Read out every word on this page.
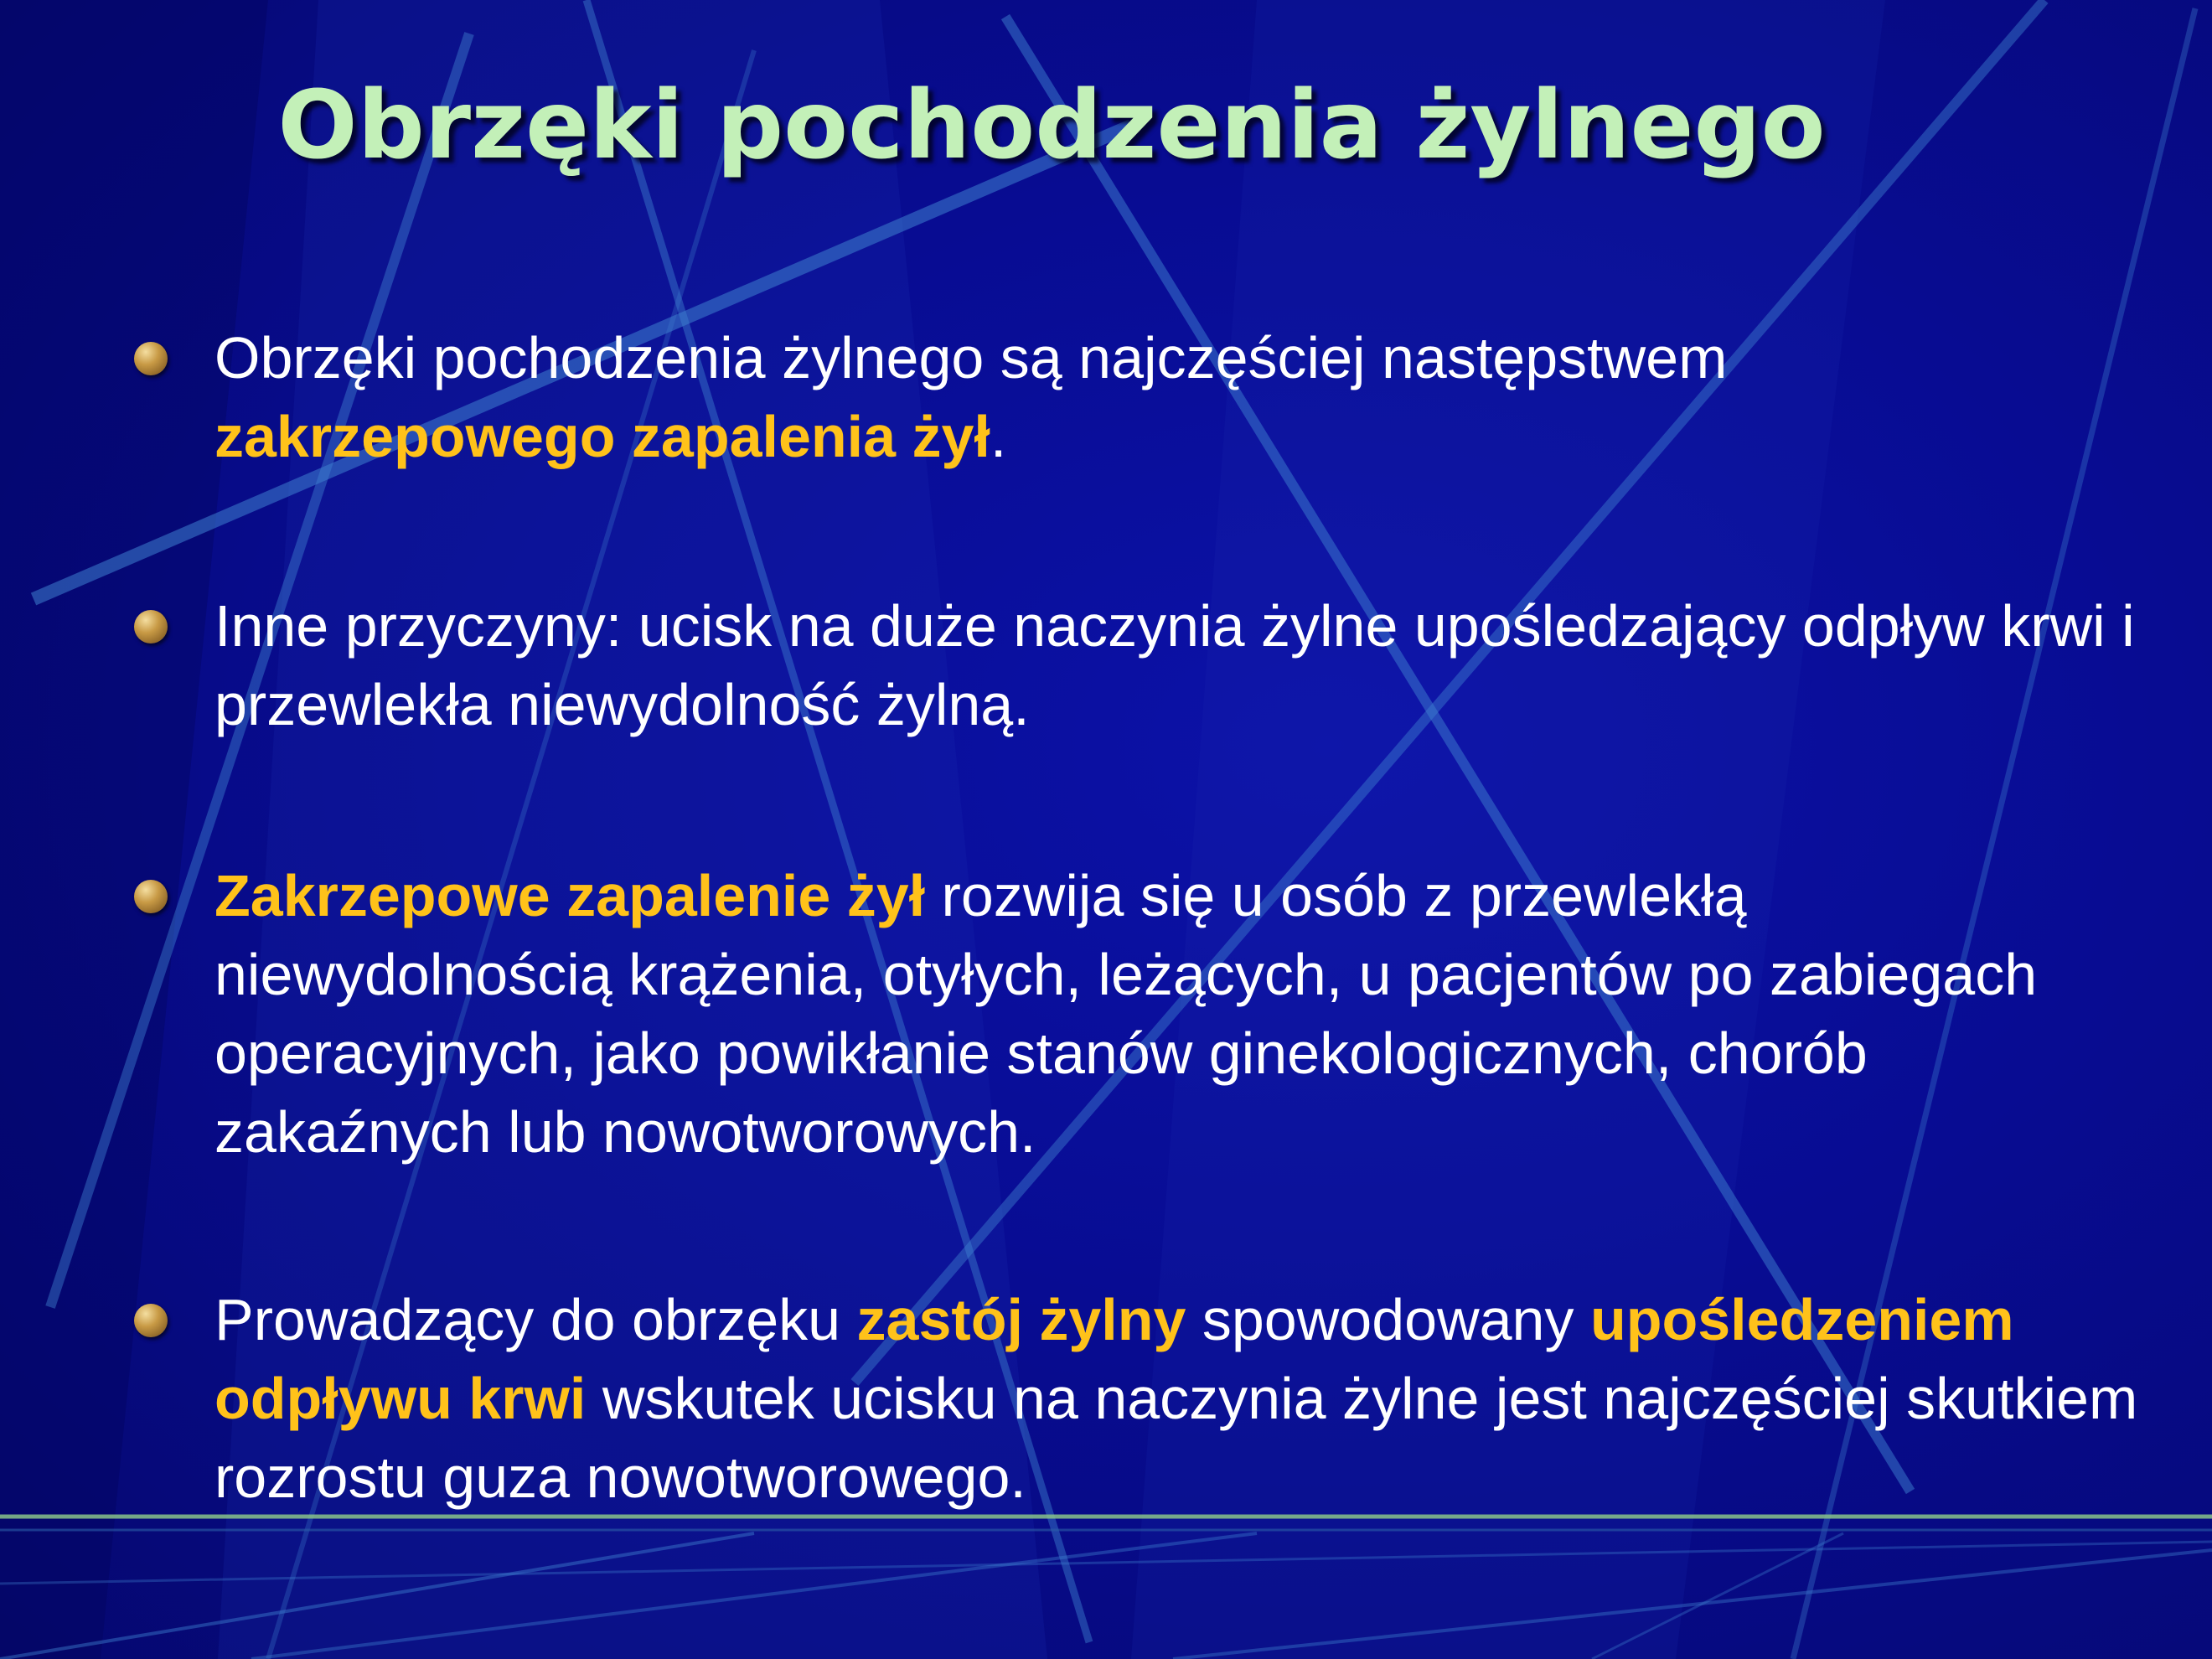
Obrzęki pochodzenia żylnego
Obrzęki pochodzenia żylnego są najczęściej następstwem
zakrzepowego zapalenia żył.
Inne przyczyny: ucisk na duże naczynia żylne upośledzający odpływ krwi i przewlekła niewydolność żylną.
Zakrzepowe zapalenie żył rozwija się u osób z przewlekłą niewydolnością krążenia, otyłych, leżących, u pacjentów po zabiegach operacyjnych, jako powikłanie stanów ginekologicznych, chorób zakaźnych lub nowotworowych.
Prowadzący do obrzęku zastój żylny spowodowany upośledzeniem odpływu krwi wskutek ucisku na naczynia żylne jest najczęściej skutkiem rozrostu guza nowotworowego.
